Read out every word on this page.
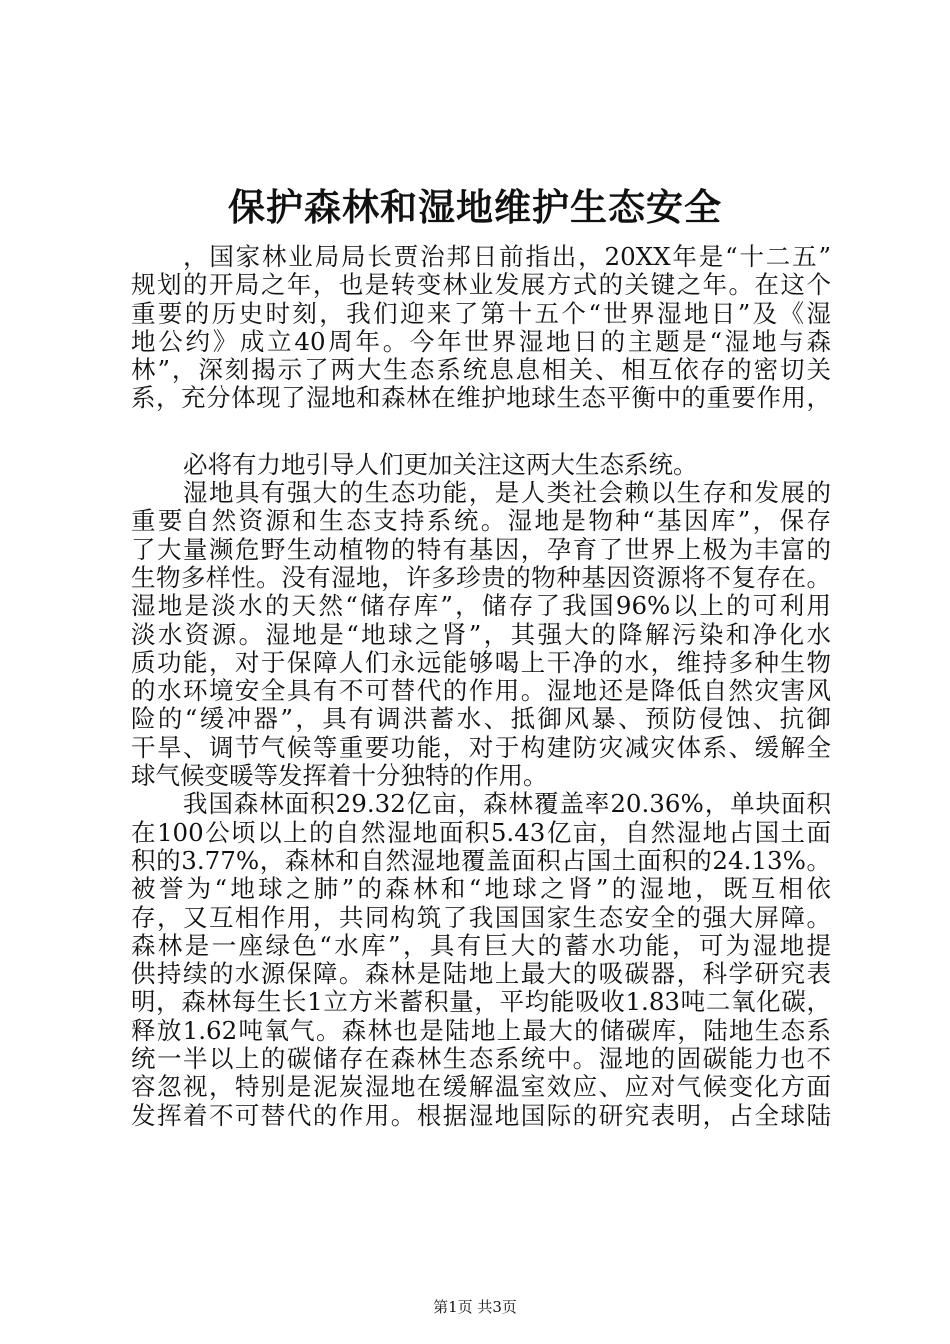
保护森林和湿地维护生态安全
，国家林业局局长贾治邦日前指出，20XX年是“十二五”
规划的开局之年，也是转变林业发展方式的关键之年。在这个
重要的历史时刻，我们迎来了第十五个“世界湿地日”及《湿
地公约》成立40周年。今年世界湿地日的主题是“湿地与森
林”，深刻揭示了两大生态系统息息相关、相互依存的密切关
系，充分体现了湿地和森林在维护地球生态平衡中的重要作用，
必将有力地引导人们更加关注这两大生态系统。
湿地具有强大的生态功能，是人类社会赖以生存和发展的
重要自然资源和生态支持系统。湿地是物种“基因库”，保存
了大量濒危野生动植物的特有基因，孕育了世界上极为丰富的
生物多样性。没有湿地，许多珍贵的物种基因资源将不复存在。
湿地是淡水的天然“储存库”，储存了我国96%以上的可利用
淡水资源。湿地是“地球之肾”，其强大的降解污染和净化水
质功能，对于保障人们永远能够喝上干净的水，维持多种生物
的水环境安全具有不可替代的作用。湿地还是降低自然灾害风
险的“缓冲器”，具有调洪蓄水、抵御风暴、预防侵蚀、抗御
干旱、调节气候等重要功能，对于构建防灾减灾体系、缓解全
球气候变暖等发挥着十分独特的作用。
我国森林面积29.32亿亩，森林覆盖率20.36%，单块面积
在100公顷以上的自然湿地面积5.43亿亩，自然湿地占国土面
积的3.77%，森林和自然湿地覆盖面积占国土面积的24.13%。
被誉为“地球之肺”的森林和“地球之肾”的湿地，既互相依
存，又互相作用，共同构筑了我国国家生态安全的强大屏障。
森林是一座绿色“水库”，具有巨大的蓄水功能，可为湿地提
供持续的水源保障。森林是陆地上最大的吸碳器，科学研究表
明，森林每生长1立方米蓄积量，平均能吸收1.83吨二氧化碳，
释放1.62吨氧气。森林也是陆地上最大的储碳库，陆地生态系
统一半以上的碳储存在森林生态系统中。湿地的固碳能力也不
容忽视，特别是泥炭湿地在缓解温室效应、应对气候变化方面
发挥着不可替代的作用。根据湿地国际的研究表明，占全球陆
第1页 共3页
